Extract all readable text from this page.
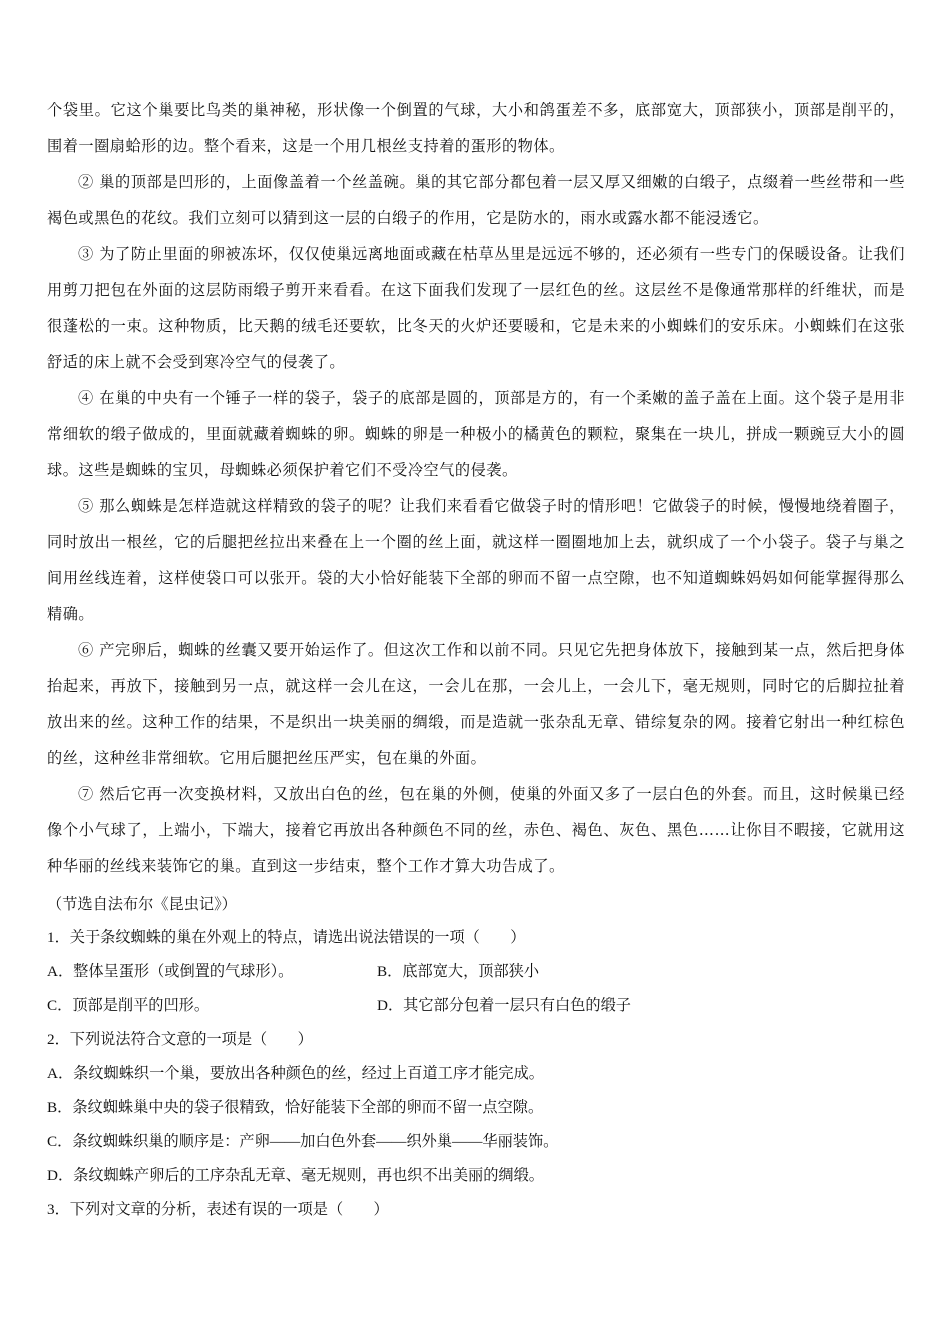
个袋里。它这个巢要比鸟类的巢神秘，形状像一个倒置的气球，大小和鸽蛋差不多，底部宽大，顶部狭小，顶部是削平的，围着一圈扇蛤形的边。整个看来，这是一个用几根丝支持着的蛋形的物体。

② 巢的顶部是凹形的，上面像盖着一个丝盖碗。巢的其它部分都包着一层又厚又细嫩的白缎子，点缀着一些丝带和一些褐色或黑色的花纹。我们立刻可以猜到这一层的白缎子的作用，它是防水的，雨水或露水都不能浸透它。

③ 为了防止里面的卵被冻坏，仅仅使巢远离地面或藏在枯草丛里是远远不够的，还必须有一些专门的保暖设备。让我们用剪刀把包在外面的这层防雨缎子剪开来看看。在这下面我们发现了一层红色的丝。这层丝不是像通常那样的纤维状，而是很蓬松的一束。这种物质，比天鹅的绒毛还要软，比冬天的火炉还要暖和，它是未来的小蜘蛛们的安乐床。小蜘蛛们在这张舒适的床上就不会受到寒冷空气的侵袭了。

④ 在巢的中央有一个锤子一样的袋子，袋子的底部是圆的，顶部是方的，有一个柔嫩的盖子盖在上面。这个袋子是用非常细软的缎子做成的，里面就藏着蜘蛛的卵。蜘蛛的卵是一种极小的橘黄色的颗粒，聚集在一块儿，拼成一颗豌豆大小的圆球。这些是蜘蛛的宝贝，母蜘蛛必须保护着它们不受冷空气的侵袭。

⑤ 那么蜘蛛是怎样造就这样精致的袋子的呢？让我们来看看它做袋子时的情形吧！它做袋子的时候，慢慢地绕着圈子，同时放出一根丝，它的后腿把丝拉出来叠在上一个圈的丝上面，就这样一圈圈地加上去，就织成了一个小袋子。袋子与巢之间用丝线连着，这样使袋口可以张开。袋的大小恰好能装下全部的卵而不留一点空隙，也不知道蜘蛛妈妈如何能掌握得那么精确。

⑥ 产完卵后，蜘蛛的丝囊又要开始运作了。但这次工作和以前不同。只见它先把身体放下，接触到某一点，然后把身体抬起来，再放下，接触到另一点，就这样一会儿在这，一会儿在那，一会儿上，一会儿下，毫无规则，同时它的后脚拉扯着放出来的丝。这种工作的结果，不是织出一块美丽的绸缎，而是造就一张杂乱无章、错综复杂的网。接着它射出一种红棕色的丝，这种丝非常细软。它用后腿把丝压严实，包在巢的外面。

⑦ 然后它再一次变换材料，又放出白色的丝，包在巢的外侧，使巢的外面又多了一层白色的外套。而且，这时候巢已经像个小气球了，上端小，下端大，接着它再放出各种颜色不同的丝，赤色、褐色、灰色、黑色……让你目不暇接，它就用这种华丽的丝线来装饰它的巢。直到这一步结束，整个工作才算大功告成了。

（节选自法布尔《昆虫记》）

1．关于条纹蜘蛛的巢在外观上的特点，请选出说法错误的一项（　　）

A．整体呈蛋形（或倒置的气球形）。	B．底部宽大，顶部狭小

C．顶部是削平的凹形。	D．其它部分包着一层只有白色的缎子

2．下列说法符合文意的一项是（　　）

A．条纹蜘蛛织一个巢，要放出各种颜色的丝，经过上百道工序才能完成。

B．条纹蜘蛛巢中央的袋子很精致，恰好能装下全部的卵而不留一点空隙。

C．条纹蜘蛛织巢的顺序是：产卵——加白色外套——织外巢——华丽装饰。

D．条纹蜘蛛产卵后的工序杂乱无章、毫无规则，再也织不出美丽的绸缎。

3．下列对文章的分析，表述有误的一项是（　　）
